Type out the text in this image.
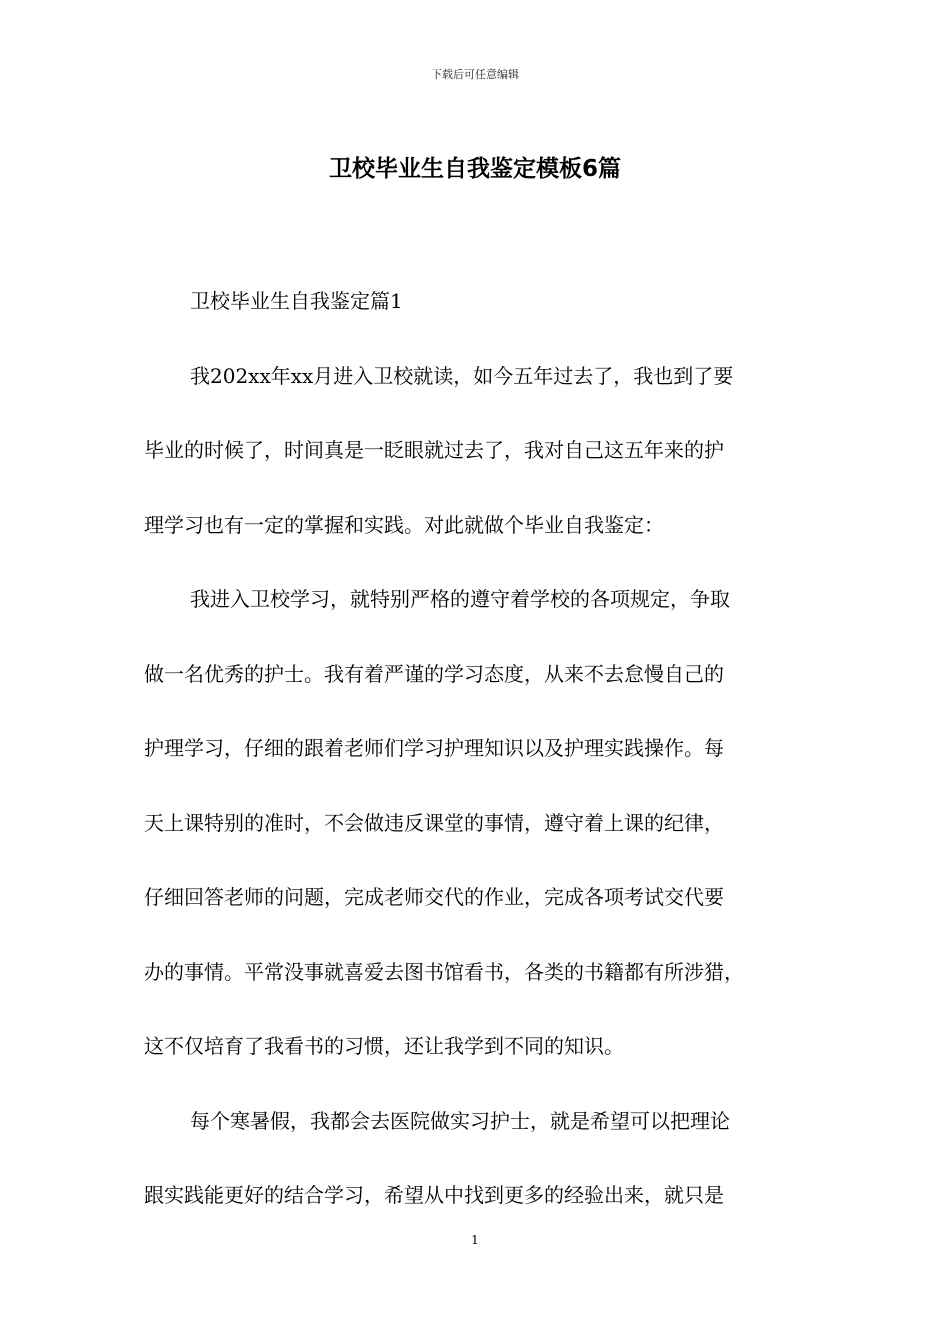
下载后可任意编辑
卫校毕业生自我鉴定模板6篇
卫校毕业生自我鉴定篇1
我202xx年xx月进入卫校就读，如今五年过去了，我也到了要
毕业的时候了，时间真是一眨眼就过去了，我对自己这五年来的护
理学习也有一定的掌握和实践。对此就做个毕业自我鉴定：
我进入卫校学习，就特别严格的遵守着学校的各项规定，争取
做一名优秀的护士。我有着严谨的学习态度，从来不去怠慢自己的
护理学习，仔细的跟着老师们学习护理知识以及护理实践操作。每
天上课特别的准时，不会做违反课堂的事情，遵守着上课的纪律，
仔细回答老师的问题，完成老师交代的作业，完成各项考试交代要
办的事情。平常没事就喜爱去图书馆看书，各类的书籍都有所涉猎，
这不仅培育了我看书的习惯，还让我学到不同的知识。
每个寒暑假，我都会去医院做实习护士，就是希望可以把理论
跟实践能更好的结合学习，希望从中找到更多的经验出来，就只是
1
